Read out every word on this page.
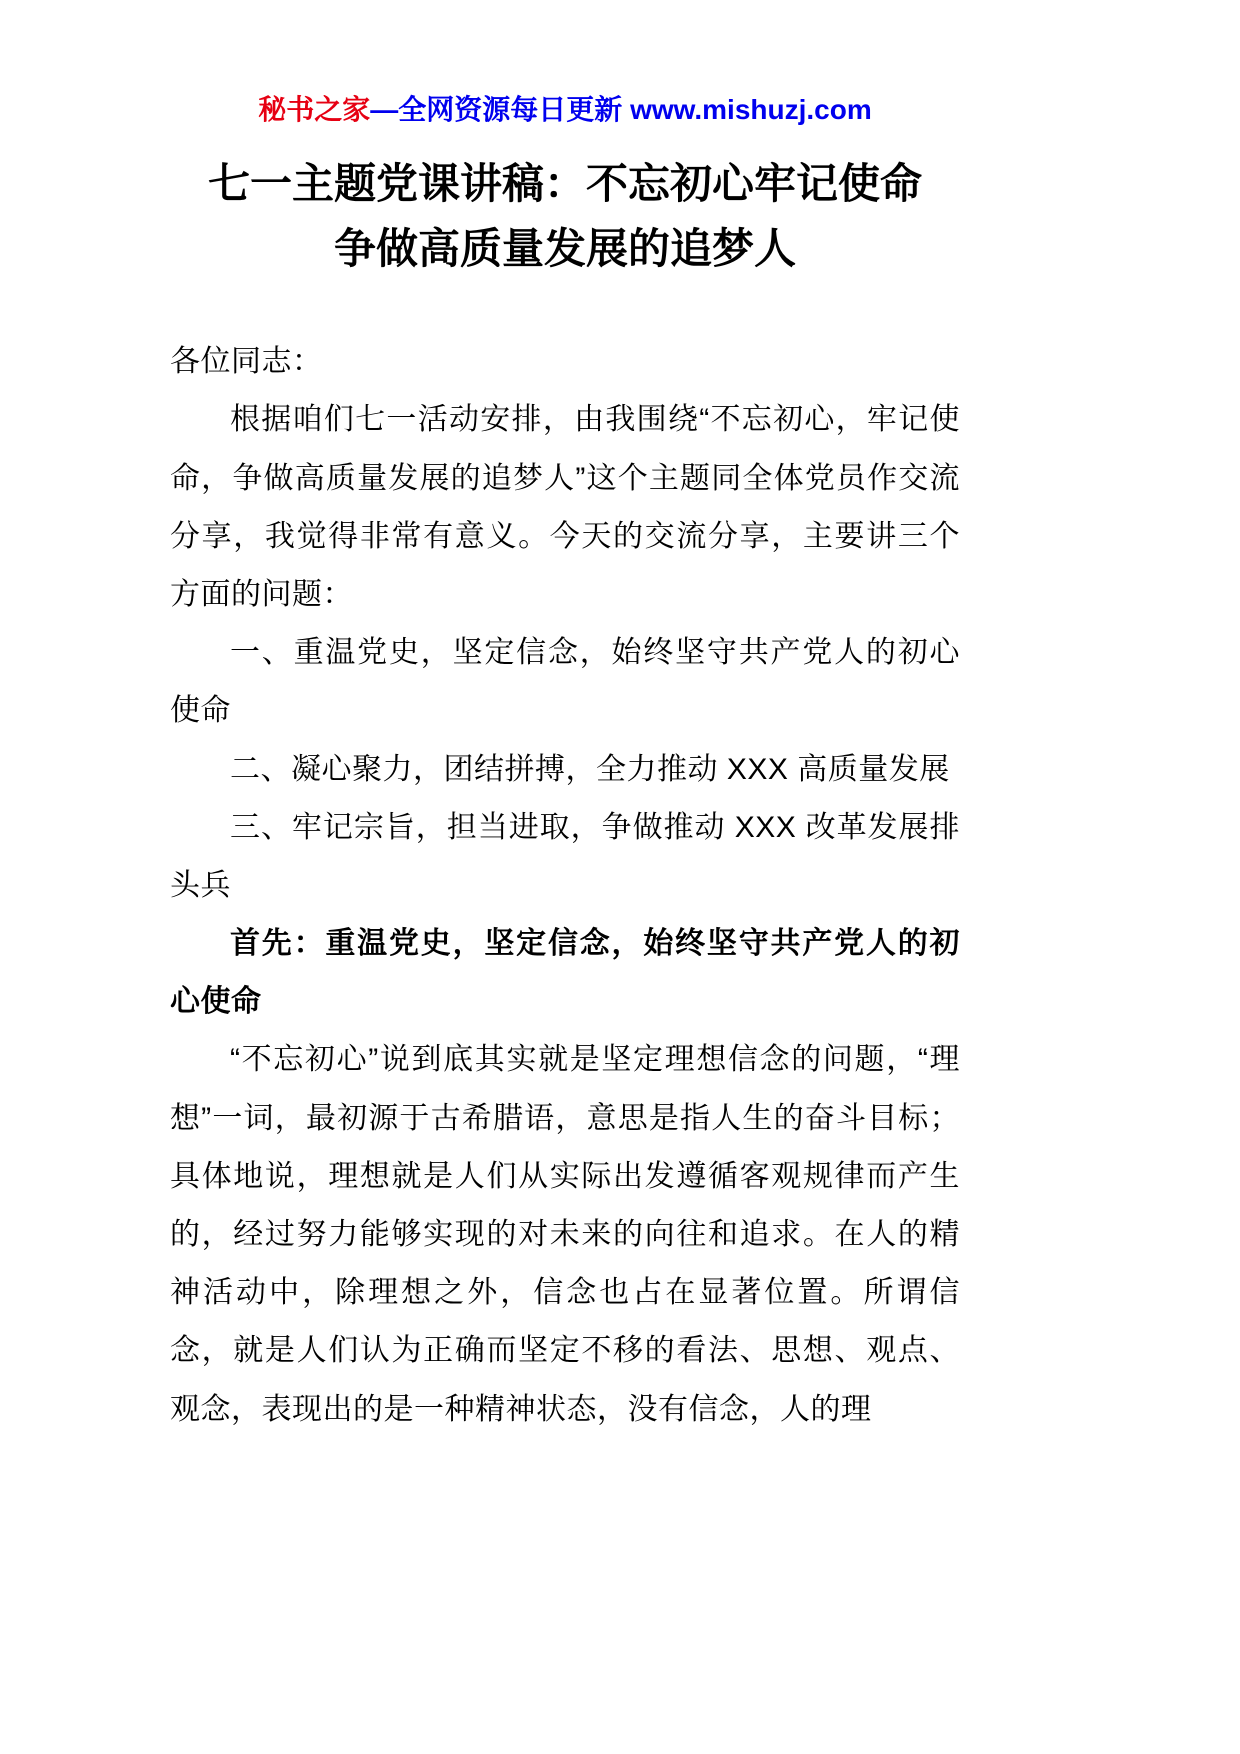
秘书之家—全网资源每日更新 www.mishuzj.com
七一主题党课讲稿：不忘初心牢记使命
争做高质量发展的追梦人

各位同志：

根据咱们七一活动安排，由我围绕“不忘初心，牢记使命，争做高质量发展的追梦人”这个主题同全体党员作交流分享，我觉得非常有意义。今天的交流分享，主要讲三个方面的问题：

一、重温党史，坚定信念，始终坚守共产党人的初心使命

二、凝心聚力，团结拼搏，全力推动 XXX 高质量发展

三、牢记宗旨，担当进取，争做推动 XXX 改革发展排头兵

首先：重温党史，坚定信念，始终坚守共产党人的初心使命

“不忘初心”说到底其实就是坚定理想信念的问题，“理想”一词，最初源于古希腊语，意思是指人生的奋斗目标；具体地说，理想就是人们从实际出发遵循客观规律而产生的，经过努力能够实现的对未来的向往和追求。在人的精神活动中，除理想之外，信念也占在显著位置。所谓信念，就是人们认为正确而坚定不移的看法、思想、观点、观念，表现出的是一种精神状态，没有信念，人的理
